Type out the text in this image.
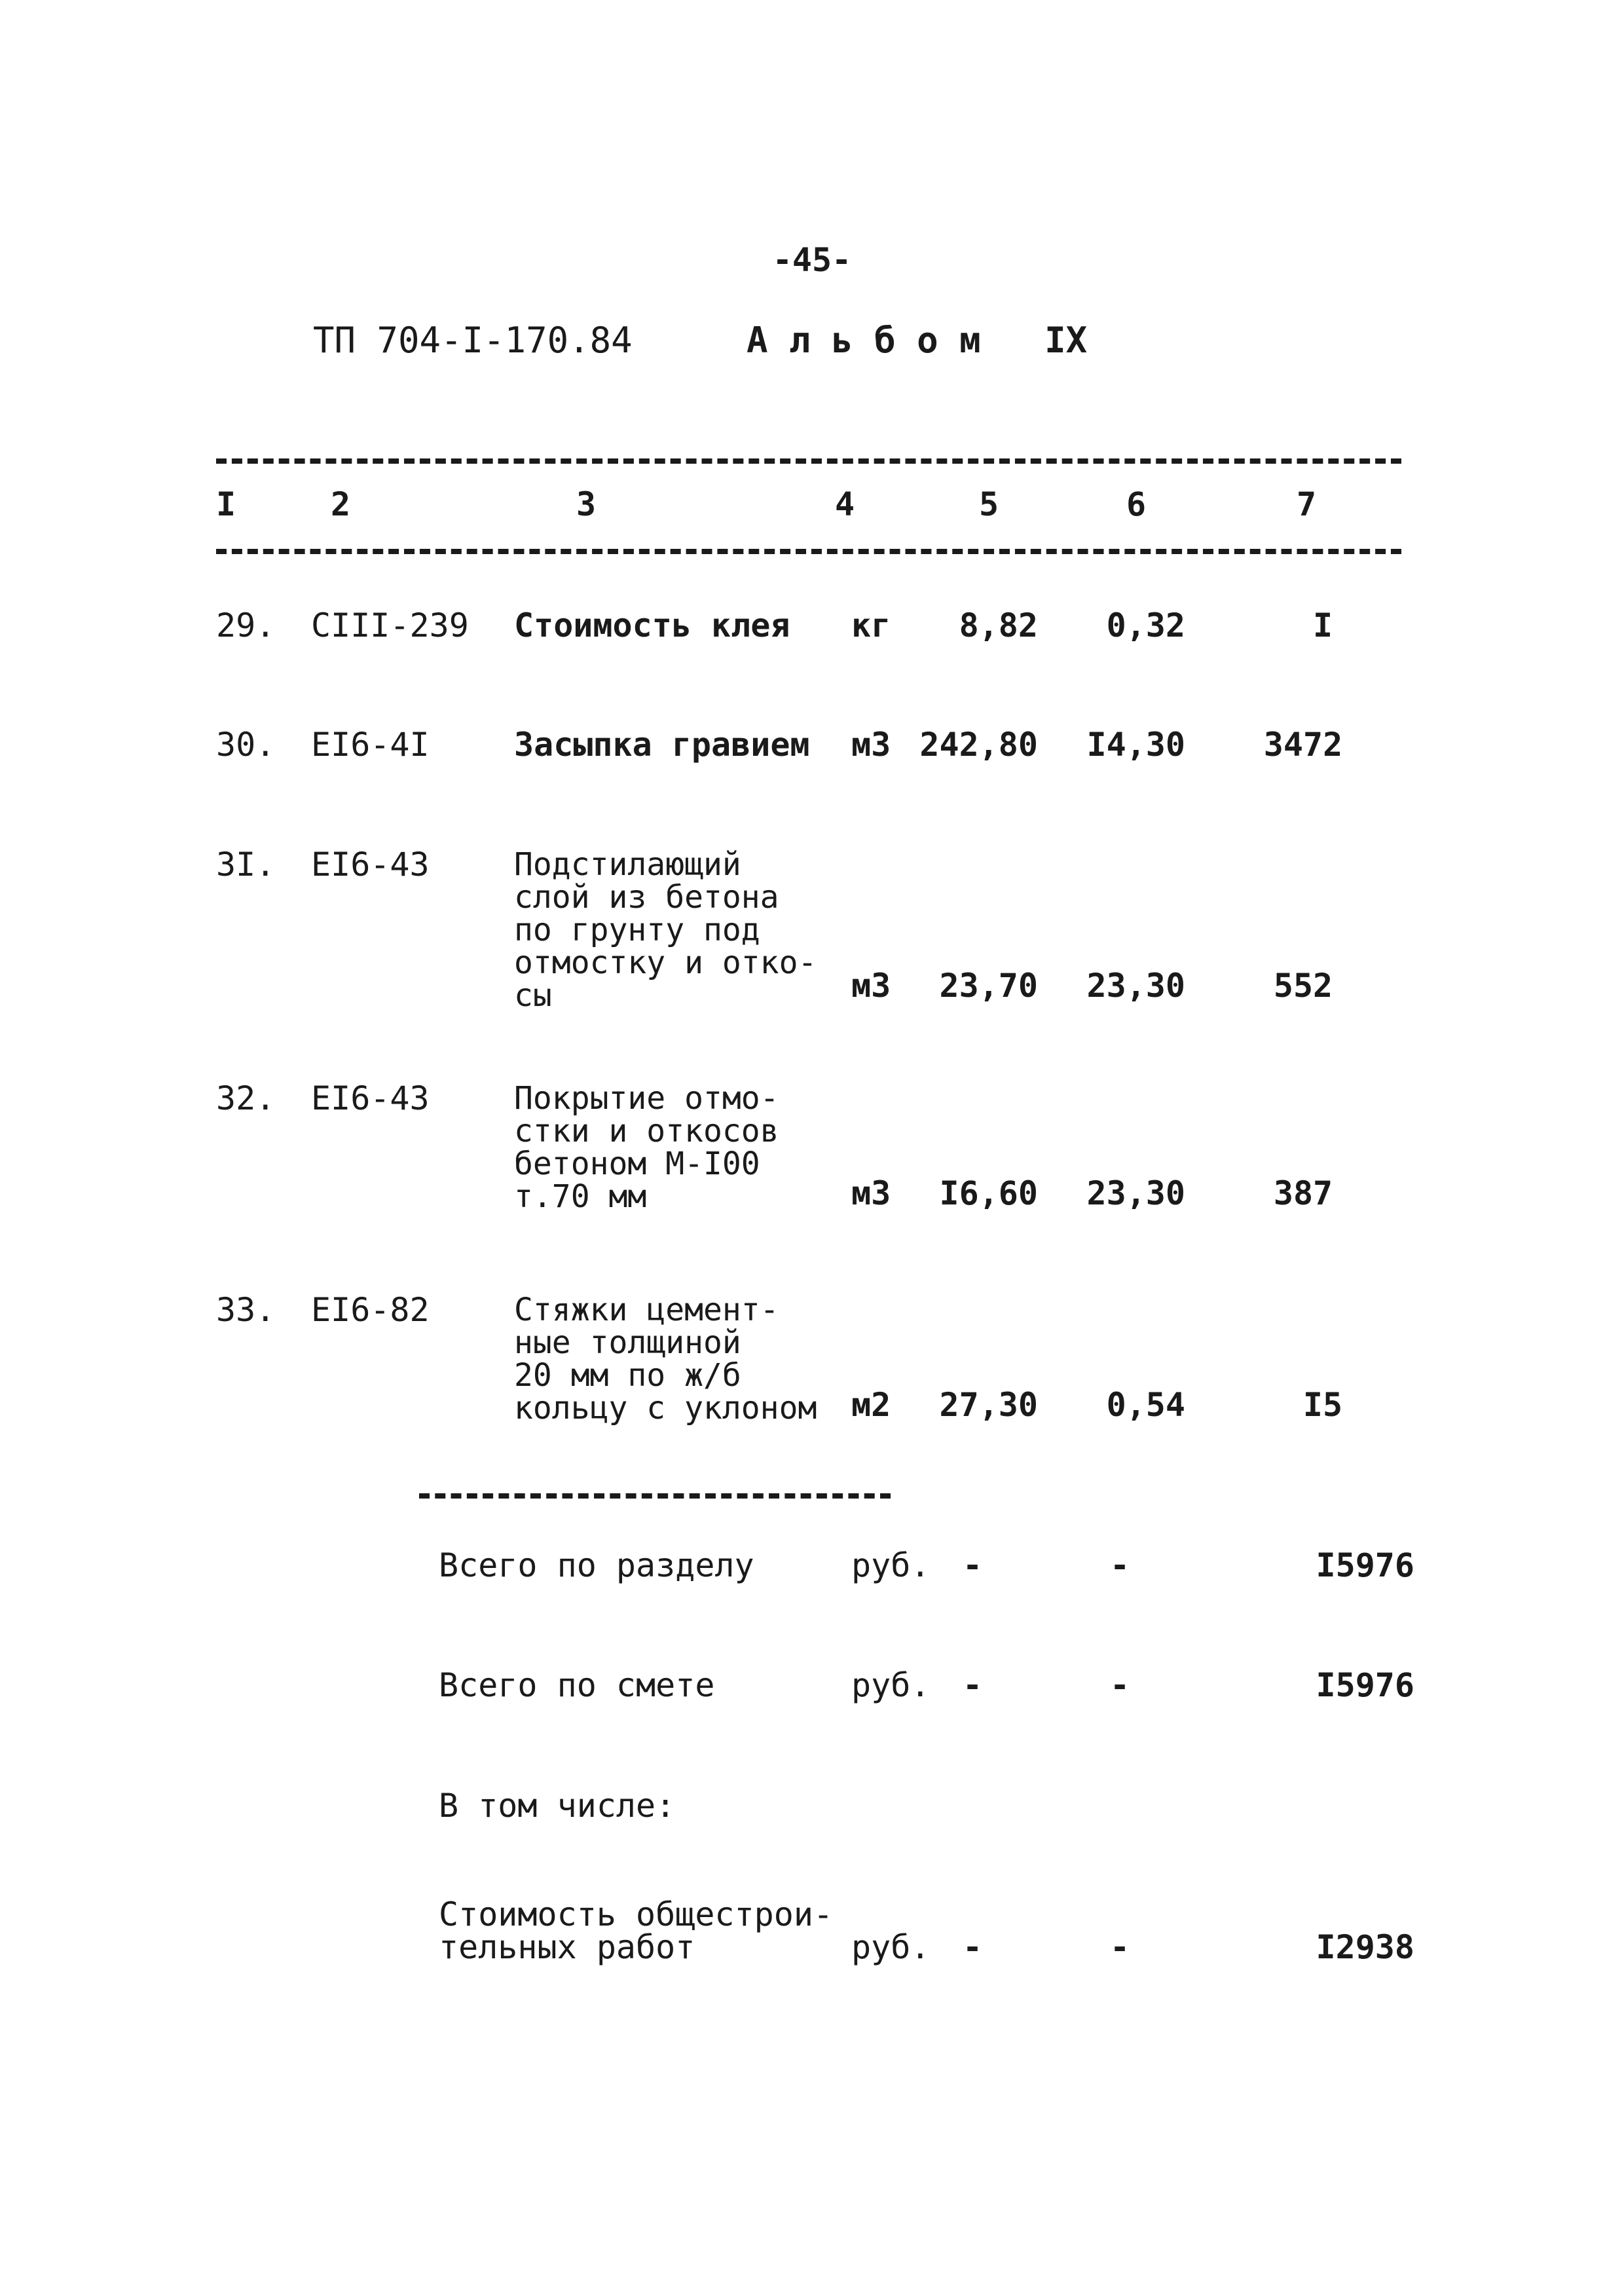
-45-
ТП 704-I-170.84	А л ь б о м   IX
I	2	3	4	5	6	7
29. CIII-239 Стоимость клея кг	8,82	0,32	I
30. EI6-4I	Засыпка гравием м3 242,80	I4,30	3472
3I. EI6-43	Подстилающий
слой из бетона
по грунту под
отмостку и отко-
сы	м3	23,70	23,30	552
32. EI6-43	Покрытие отмо-
стки и откосов
бетоном М-I00
т.70 мм	м3	I6,60	23,30	387
33. EI6-82	Стяжки цемент-
ные толщиной
20 мм по ж/б
кольцу с уклоном м2	27,30	0,54	I5
Всего по разделу	руб. -	-	I5976
Всего по смете	руб. -	-	I5976
В том числе:
Стоимость общестрои-
тельных работ	руб. -	-	I2938
